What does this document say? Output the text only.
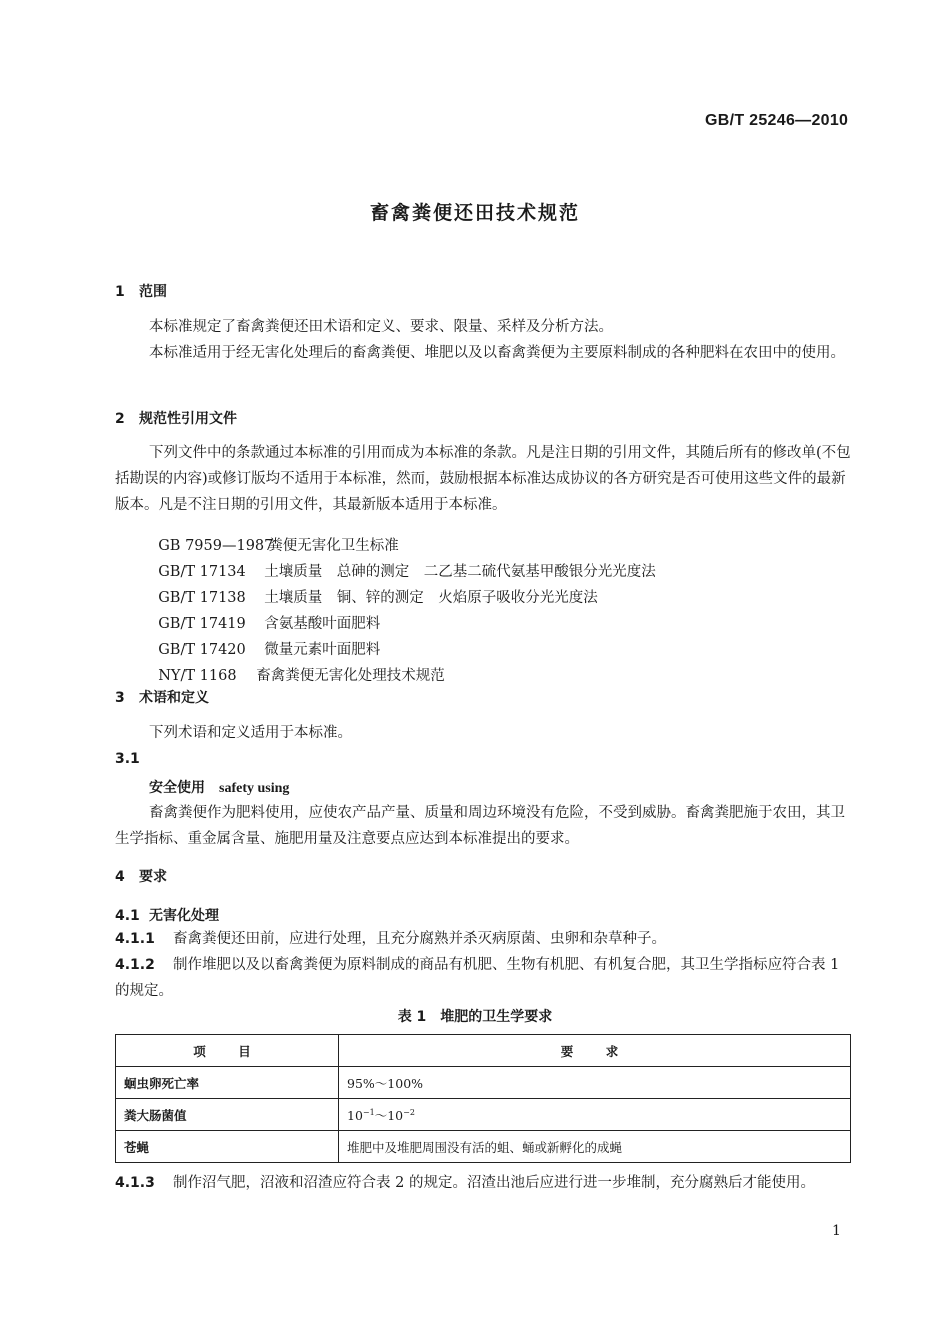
GB/T 25246—2010
畜禽粪便还田技术规范
1 范围
本标准规定了畜禽粪便还田术语和定义、要求、限量、采样及分析方法。
本标准适用于经无害化处理后的畜禽粪便、堆肥以及以畜禽粪便为主要原料制成的各种肥料在农田中的使用。
2 规范性引用文件
下列文件中的条款通过本标准的引用而成为本标准的条款。凡是注日期的引用文件，其随后所有的修改单(不包括勘误的内容)或修订版均不适用于本标准，然而，鼓励根据本标准达成协议的各方研究是否可使用这些文件的最新版本。凡是不注日期的引用文件，其最新版本适用于本标准。

GB 7959—1987粪便无害化卫生标准

GB/T 17134 土壤质量　总砷的测定　二乙基二硫代氨基甲酸银分光光度法

GB/T 17138 土壤质量　铜、锌的测定　火焰原子吸收分光光度法

GB/T 17419 含氨基酸叶面肥料

GB/T 17420 微量元素叶面肥料

NY/T 1168 畜禽粪便无害化处理技术规范

3 术语和定义
下列术语和定义适用于本标准。
3.1
安全使用 safety using
畜禽粪便作为肥料使用，应使农产品产量、质量和周边环境没有危险，不受到威胁。畜禽粪肥施于农田，其卫生学指标、重金属含量、施肥用量及注意要点应达到本标准提出的要求。
4 要求
4.1 无害化处理
4.1.1 畜禽粪便还田前，应进行处理，且充分腐熟并杀灭病原菌、虫卵和杂草种子。
4.1.2 制作堆肥以及以畜禽粪便为原料制成的商品有机肥、生物有机肥、有机复合肥，其卫生学指标应符合表 1 的规定。
表 1　堆肥的卫生学要求
项　目	要　求
蛔虫卵死亡率	95%～100%
粪大肠菌值	$10^{-1}\sim 10^{-2}$
苍蝇	堆肥中及堆肥周围没有活的蛆、蛹或新孵化的成蝇
4.1.3 制作沼气肥，沼液和沼渣应符合表 2 的规定。沼渣出池后应进行进一步堆制，充分腐熟后才能使用。
1
